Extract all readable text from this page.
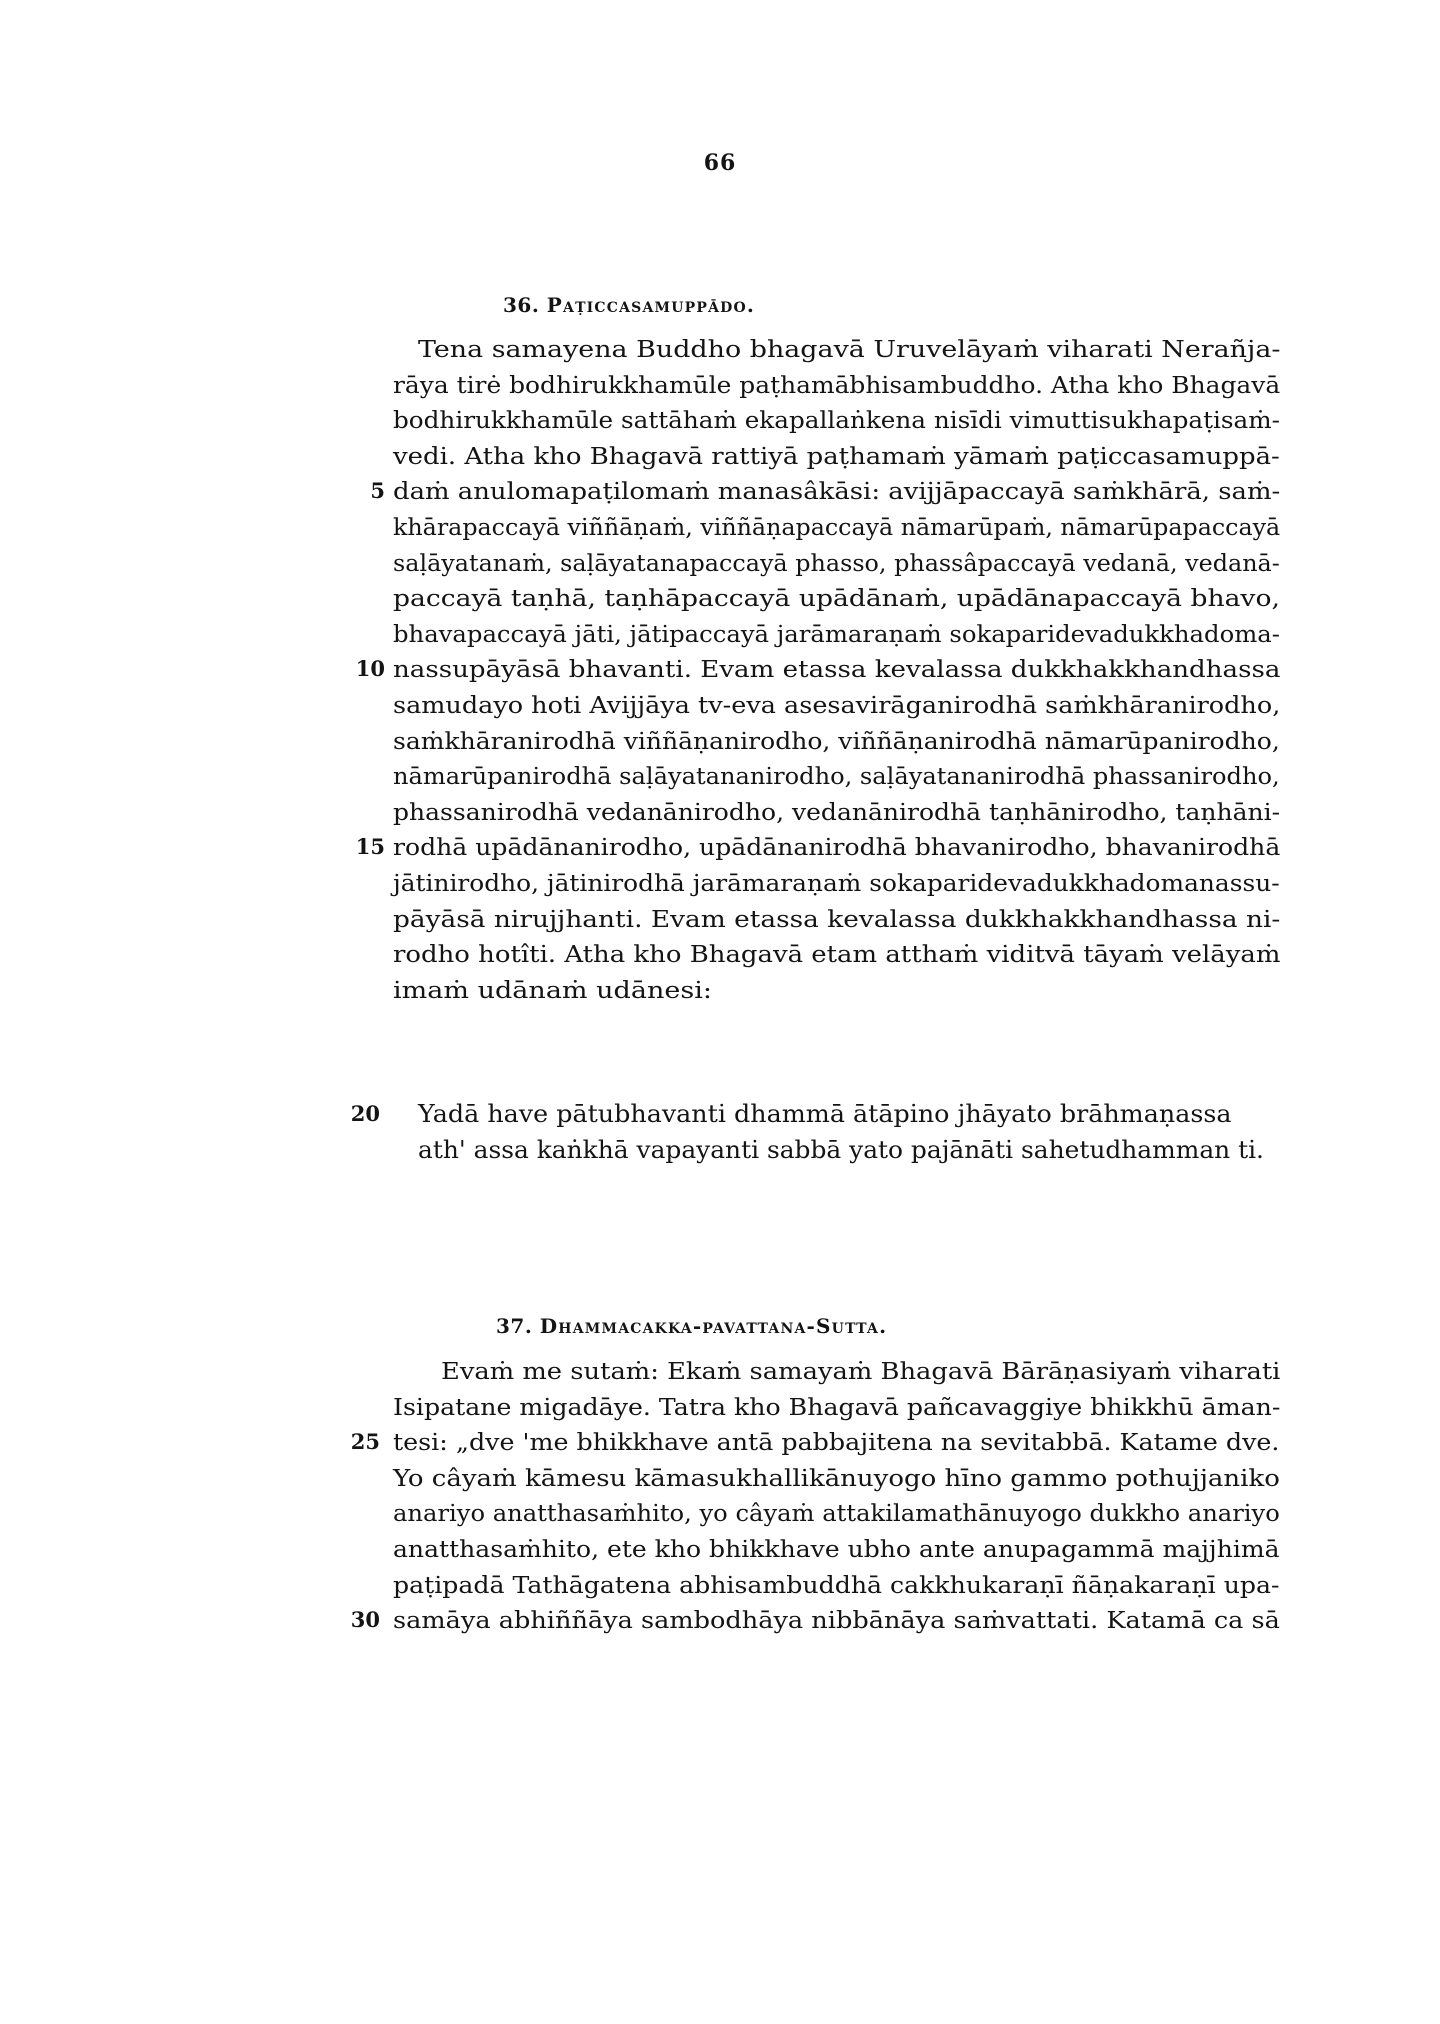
66
36. Paṭiccasamuppādo.
Tena samayena Buddho bhagavā Uruvelāyaṁ viharati Nerañja-
rāya tirė bodhirukkhamūle paṭhamābhisambuddho. Atha kho Bhagavā
bodhirukkhamūle sattāhaṁ ekapallaṅkena nisīdi vimuttisukhapaṭisaṁ-
vedi. Atha kho Bhagavā rattiyā paṭhamaṁ yāmaṁ paṭiccasamuppā-
daṁ anulomapaṭilomaṁ manasâkāsi: avijjāpaccayā saṁkhārā, saṁ-
khārapaccayā viññāṇaṁ, viññāṇapaccayā nāmarūpaṁ, nāmarūpapaccayā
saḷāyatanaṁ, saḷāyatanapaccayā phasso, phassâpaccayā vedanā, vedanā-
paccayā taṇhā, taṇhāpaccayā upādānaṁ, upādānapaccayā bhavo,
bhavapaccayā jāti, jātipaccayā jarāmaraṇaṁ sokaparidevadukkhadoma-
nassupāyāsā bhavanti. Evam etassa kevalassa dukkhakkhandhassa
samudayo hoti Avijjāya tv-eva asesavirāganirodhā saṁkhāranirodho,
saṁkhāranirodhā viññāṇanirodho, viññāṇanirodhā nāmarūpanirodho,
nāmarūpanirodhā saḷāyatananirodho, saḷāyatananirodhā phassanirodho,
phassanirodhā vedanānirodho, vedanānirodhā taṇhānirodho, taṇhāni-
rodhā upādānanirodho, upādānanirodhā bhavanirodho, bhavanirodhā
jātinirodho, jātinirodhā jarāmaraṇaṁ sokaparidevadukkhadomanassu-
pāyāsā nirujjhanti. Evam etassa kevalassa dukkhakkhandhassa ni-
rodho hotîti. Atha kho Bhagavā etam atthaṁ viditvā tāyaṁ velāyaṁ
imaṁ udānaṁ udānesi:
5
10
15
Yadā have pātubhavanti dhammā ātāpino jhāyato brāhmaṇassa
ath' assa kaṅkhā vapayanti sabbā yato pajānāti sahetudhamman ti.
20
37. Dhammacakka-pavattana-Sutta.
Evaṁ me sutaṁ: Ekaṁ samayaṁ Bhagavā Bārāṇasiyaṁ viharati
Isipatane migadāye. Tatra kho Bhagavā pañcavaggiye bhikkhū āman-
tesi: „dve 'me bhikkhave antā pabbajitena na sevitabbā. Katame dve.
Yo câyaṁ kāmesu kāmasukhallikānuyogo hīno gammo pothujjaniko
anariyo anatthasaṁhito, yo câyaṁ attakilamathānuyogo dukkho anariyo
anatthasaṁhito, ete kho bhikkhave ubho ante anupagammā majjhimā
paṭipadā Tathāgatena abhisambuddhā cakkhukaraṇī ñāṇakaraṇī upa-
samāya abhiññāya sambodhāya nibbānāya saṁvattati. Katamā ca sā
25
30
